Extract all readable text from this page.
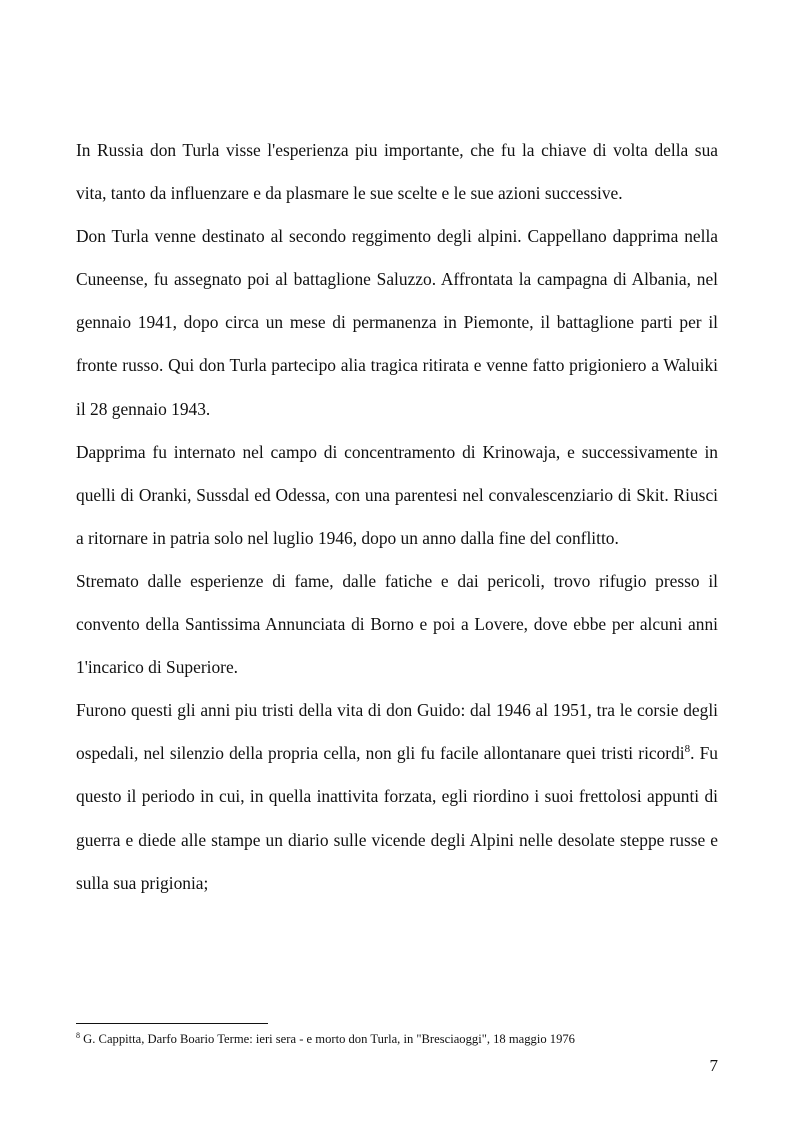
In Russia don Turla visse l'esperienza piu importante, che fu la chiave di volta della sua vita, tanto da influenzare e da plasmare le sue scelte e le sue azioni successive.

Don Turla venne destinato al secondo reggimento degli alpini. Cappellano dapprima nella Cuneense, fu assegnato poi al battaglione Saluzzo. Affrontata la campagna di Albania, nel gennaio 1941, dopo circa un mese di permanenza in Piemonte, il battaglione parti per il fronte russo. Qui don Turla partecipo alia tragica ritirata e venne fatto prigioniero a Waluiki il 28 gennaio 1943.

Dapprima fu internato nel campo di concentramento di Krinowaja, e successivamente in quelli di Oranki, Sussdal ed Odessa, con una parentesi nel convalescenziario di Skit. Riusci a ritornare in patria solo nel luglio 1946, dopo un anno dalla fine del conflitto.

Stremato dalle esperienze di fame, dalle fatiche e dai pericoli, trovo rifugio presso il convento della Santissima Annunciata di Borno e poi a Lovere, dove ebbe per alcuni anni 1'incarico di Superiore.

Furono questi gli anni piu tristi della vita di don Guido: dal 1946 al 1951, tra le corsie degli ospedali, nel silenzio della propria cella, non gli fu facile allontanare quei tristi ricordi$^8$. Fu questo il periodo in cui, in quella inattivita forzata, egli riordino i suoi frettolosi appunti di guerra e diede alle stampe un diario sulle vicende degli Alpini nelle desolate steppe russe e sulla sua prigionia;

$^8$ G. Cappitta, Darfo Boario Terme: ieri sera - e morto don Turla, in "Bresciaoggi", 18 maggio 1976

7
